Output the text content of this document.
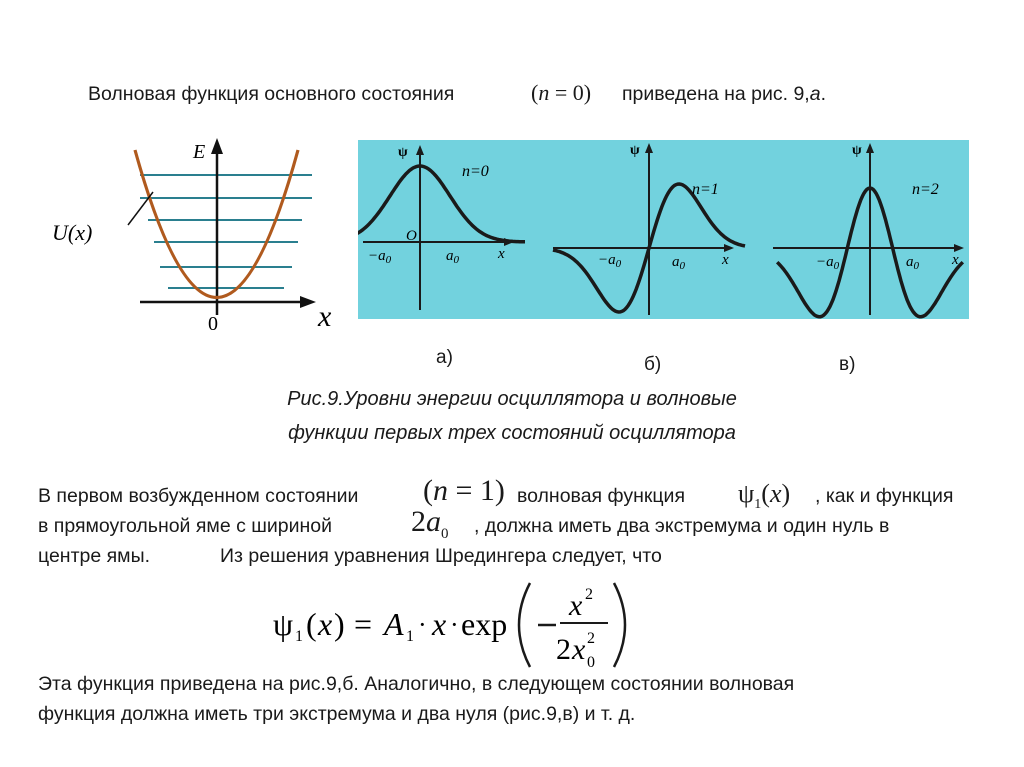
Волновая функция основного состояния	(n = 0) приведена на рис. 9,а.
E
x
0
U(x)
ψ
n=0
O
$-a_0$	$a_0$	x
ψ
n=1
$-a_0$	$a_0$ x
ψ
n=2
$-a_0$	$a_0$ x
а)	б)	в)
Рис.9.Уровни энергии осциллятора и волновые
функции первых трех состояний осциллятора
В первом возбужденном состоянии (n = 1) волновая функция $\psi_1(x)$ , как и функция
в прямоугольной яме с шириной	$2a_0$ , должна иметь два экстремума и один нуль в
центре ямы.	Из решения уравнения Шредингера следует, что
ψ 1 ( x ) = A 1 · x · exp
x 2
2 x 2
0
Эта функция приведена на рис.9,б. Аналогично, в следующем состоянии волновая
функция должна иметь три экстремума и два нуля (рис.9,в) и т. д.
